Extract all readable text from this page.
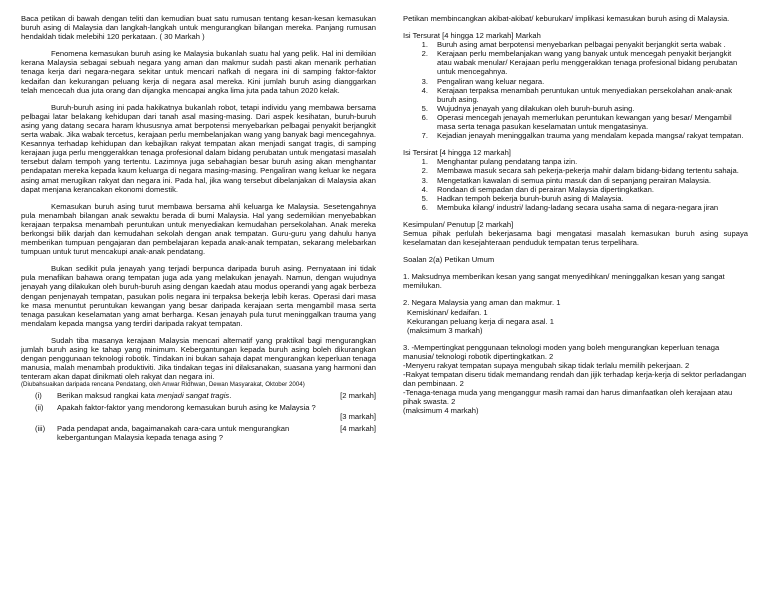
Baca petikan di bawah dengan teliti dan kemudian buat satu rumusan tentang kesan-kesan kemasukan buruh asing di Malaysia dan langkah-langkah untuk mengurangkan bilangan mereka. Panjang rumusan hendaklah tidak melebihi 120 perkataan. ( 30 Markah )

Fenomena kemasukan buruh asing ke Malaysia bukanlah suatu hal yang pelik. Hal ini demikian kerana Malaysia sebagai sebuah negara yang aman dan makmur sudah pasti akan menarik perhatian tenaga kerja dari negara-negara sekitar untuk mencari nafkah di negara ini di samping faktor-faktor kedaifan dan kekurangan peluang kerja di negara asal mereka. Kini jumlah buruh asing dianggarkan telah mencecah dua juta orang dan dijangka mencapai angka lima juta pada tahun 2020 kelak.

Buruh-buruh asing ini pada hakikatnya bukanlah robot, tetapi individu yang membawa bersama pelbagai latar belakang kehidupan dari tanah asal masing-masing. Dari aspek kesihatan, buruh-buruh asing yang datang secara haram khususnya amat berpotensi menyebarkan pelbagai penyakit berjangkit serta wabak. Jika wabak tercetus, kerajaan perlu membelanjakan wang yang banyak bagi mencegahnya. Kesannya terhadap kehidupan dan kebajikan rakyat tempatan akan menjadi sangat tragis, di samping kerajaan juga perlu menggerakkan tenaga profesional dalam bidang perubatan untuk mengatasi masalah tersebut dalam tempoh yang tertentu. Lazimnya juga sebahagian besar buruh asing akan menghantar pendapatan mereka kepada kaum keluarga di negara masing-masing. Pengaliran wang keluar ke negara asing amat merugikan rakyat dan negara ini. Pada hal, jika wang tersebut dibelanjakan di Malaysia akan dapat menjana kerancakan ekonomi domestik.

Kemasukan buruh asing turut membawa bersama ahli keluarga ke Malaysia. Sesetengahnya pula menambah bilangan anak sewaktu berada di bumi Malaysia. Hal yang sedemikian menyebabkan kerajaan terpaksa menambah peruntukan untuk menyediakan kemudahan persekolahan. Anak mereka berkongsi bilik darjah dan kemudahan sekolah dengan anak tempatan. Guru-guru yang dahulu hanya memberikan tumpuan pengajaran dan pembelajaran kepada anak-anak tempatan, sekarang melebarkan tumpuan untuk turut mencakupi anak-anak pendatang.

Bukan sedikit pula jenayah yang terjadi berpunca daripada buruh asing. Pernyataan ini tidak pula menafikan bahawa orang tempatan juga ada yang melakukan jenayah. Namun, dengan wujudnya jenayah yang dilakukan oleh buruh-buruh asing dengan kaedah atau modus operandi yang agak berbeza dengan penjenayah tempatan, pasukan polis negara ini terpaksa bekerja lebih keras. Operasi dari masa ke masa menuntut peruntukan kewangan yang besar daripada kerajaan serta mengambil masa serta tenaga pasukan keselamatan yang amat berharga. Kesan jenayah pula turut meninggalkan trauma yang mendalam kepada mangsa yang terdiri daripada rakyat tempatan.

Sudah tiba masanya kerajaan Malaysia mencari alternatif yang praktikal bagi mengurangkan jumlah buruh asing ke tahap yang minimum. Kebergantungan kepada buruh asing boleh dikurangkan dengan penggunaan teknologi robotik. Tindakan ini bukan sahaja dapat mengurangkan keperluan tenaga manusia, malah menambah produktiviti. Jika tindakan tegas ini dilaksanakan, suasana yang harmoni dan tenteram akan dapat dinikmati oleh rakyat dan negara ini.

(Diubahsuaikan daripada rencana Pendatang, oleh Anwar Ridhwan, Dewan Masyarakat, Oktober 2004)

(i)	Berikan maksud rangkai kata menjadi sangat tragis.	[2 markah]
(ii)	Apakah faktor-faktor yang mendorong kemasukan buruh asing ke Malaysia ?
[3 markah]
(iii)	Pada pendapat anda, bagaimanakah cara-cara untuk mengurangkan kebergantungan Malaysia kepada tenaga asing ?
[4 markah]

Petikan membincangkan akibat-akibat/ keburukan/ implikasi kemasukan buruh asing di Malaysia.

Isi Tersurat [4 hingga 12 markah] Markah

1.	Buruh asing amat berpotensi menyebarkan pelbagai penyakit berjangkit serta wabak .
2.	Kerajaan perlu membelanjakan wang yang banyak untuk mencegah penyakit berjangkit atau wabak menular/ Kerajaan perlu menggerakkan tenaga profesional bidang perubatan untuk mencegahnya.
3.	Pengaliran wang keluar negara.
4.	Kerajaan terpaksa menambah peruntukan untuk menyediakan persekolahan anak-anak buruh asing.
5.	Wujudnya jenayah yang dilakukan oleh buruh-buruh asing.
6.	Operasi mencegah jenayah memerlukan peruntukan kewangan yang besar/ Mengambil masa serta tenaga pasukan keselamatan untuk mengatasinya.
7.	Kejadian jenayah meninggalkan trauma yang mendalam kepada mangsa/ rakyat tempatan.

Isi Tersirat [4 hingga 12 markah]

1.	Menghantar pulang pendatang tanpa izin.
2.	Membawa masuk secara sah pekerja-pekerja mahir dalam bidang-bidang tertentu sahaja.
3.	Mengetatkan kawalan di semua pintu masuk dan di sepanjang perairan Malaysia.
4.	Rondaan di sempadan dan di perairan Malaysia dipertingkatkan.
5.	Hadkan tempoh bekerja buruh-buruh asing di Malaysia.
6.	Membuka kilang/ industri/ ladang-ladang secara usaha sama di negara-negara jiran

Kesimpulan/ Penutup [2 markah]

Semua pihak perlulah bekerjasama bagi mengatasi masalah kemasukan buruh asing supaya keselamatan dan kesejahteraan penduduk tempatan terus terpelihara.

Soalan 2(a) Petikan Umum

1. Maksudnya memberikan kesan yang sangat menyedihkan/ meninggalkan kesan yang sangat memilukan.

2. Negara Malaysia yang aman dan makmur. 1

Kemiskinan/ kedaifan. 1

Kekurangan peluang kerja di negara asal. 1

(maksimum 3 markah)

3. -Mempertingkat penggunaan teknologi moden yang boleh mengurangkan keperluan tenaga manusia/ teknologi robotik dipertingkatkan. 2

-Menyeru rakyat tempatan supaya mengubah sikap tidak terlalu memilih pekerjaan. 2

-Rakyat tempatan diseru tidak memandang rendah dan jijik terhadap kerja-kerja di sektor perladangan dan pembinaan. 2

-Tenaga-tenaga muda yang menganggur masih ramai dan harus dimanfaatkan oleh kerajaan atau pihak swasta. 2

(maksimum 4 markah)
